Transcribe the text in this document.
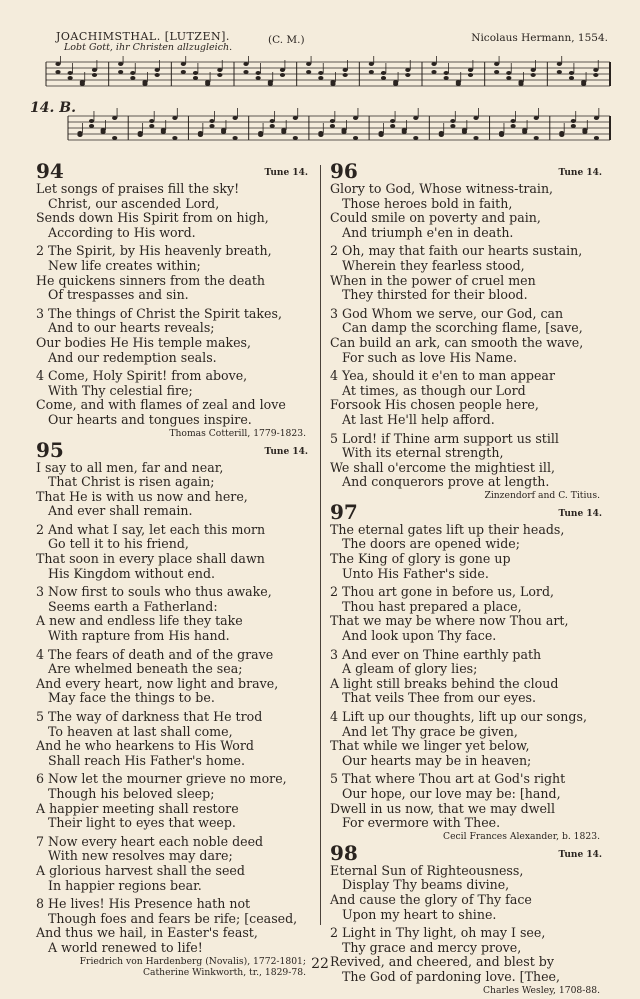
JOACHIMSTHAL. [LUTZEN].
Lobt Gott, ihr Christen allzugleich.
(C. M.)	Nicolaus Hermann, 1554.
14. B.
94	Tune 14.
Let songs of praises fill the sky!
Christ, our ascended Lord,
Sends down His Spirit from on high,
According to His word.
2 The Spirit, by His heavenly breath,
New life creates within;
He quickens sinners from the death
Of trespasses and sin.
3 The things of Christ the Spirit takes,
And to our hearts reveals;
Our bodies He His temple makes,
And our redemption seals.
4 Come, Holy Spirit! from above,
With Thy celestial fire;
Come, and with flames of zeal and love
Our hearts and tongues inspire.
Thomas Cotterill, 1779-1823.
95	Tune 14.
I say to all men, far and near,
That Christ is risen again;
That He is with us now and here,
And ever shall remain.
2 And what I say, let each this morn
Go tell it to his friend,
That soon in every place shall dawn
His Kingdom without end.
3 Now first to souls who thus awake,
Seems earth a Fatherland:
A new and endless life they take
With rapture from His hand.
4 The fears of death and of the grave
Are whelmed beneath the sea;
And every heart, now light and brave,
May face the things to be.
5 The way of darkness that He trod
To heaven at last shall come,
And he who hearkens to His Word
Shall reach His Father's home.
6 Now let the mourner grieve no more,
Though his beloved sleep;
A happier meeting shall restore
Their light to eyes that weep.
7 Now every heart each noble deed
With new resolves may dare;
A glorious harvest shall the seed
In happier regions bear.
8 He lives! His Presence hath not
Though foes and fears be rife; [ceased,
And thus we hail, in Easter's feast,
A world renewed to life!
Friedrich von Hardenberg (Novalis), 1772-1801;
Catherine Winkworth, tr., 1829-78.
96	Tune 14.
Glory to God, Whose witness-train,
Those heroes bold in faith,
Could smile on poverty and pain,
And triumph e'en in death.
2 Oh, may that faith our hearts sustain,
Wherein they fearless stood,
When in the power of cruel men
They thirsted for their blood.
3 God Whom we serve, our God, can
Can damp the scorching flame, [save,
Can build an ark, can smooth the wave,
For such as love His Name.
4 Yea, should it e'en to man appear
At times, as though our Lord
Forsook His chosen people here,
At last He'll help afford.
5 Lord! if Thine arm support us still
With its eternal strength,
We shall o'ercome the mightiest ill,
And conquerors prove at length.
Zinzendorf and C. Titius.
97	Tune 14.
The eternal gates lift up their heads,
The doors are opened wide;
The King of glory is gone up
Unto His Father's side.
2 Thou art gone in before us, Lord,
Thou hast prepared a place,
That we may be where now Thou art,
And look upon Thy face.
3 And ever on Thine earthly path
A gleam of glory lies;
A light still breaks behind the cloud
That veils Thee from our eyes.
4 Lift up our thoughts, lift up our songs,
And let Thy grace be given,
That while we linger yet below,
Our hearts may be in heaven;
5 That where Thou art at God's right
Our hope, our love may be: [hand,
Dwell in us now, that we may dwell
For evermore with Thee.
Cecil Frances Alexander, b. 1823.
98	Tune 14.
Eternal Sun of Righteousness,
Display Thy beams divine,
And cause the glory of Thy face
Upon my heart to shine.
2 Light in Thy light, oh may I see,
Thy grace and mercy prove,
Revived, and cheered, and blest by
The God of pardoning love. [Thee,
Charles Wesley, 1708-88.
22
